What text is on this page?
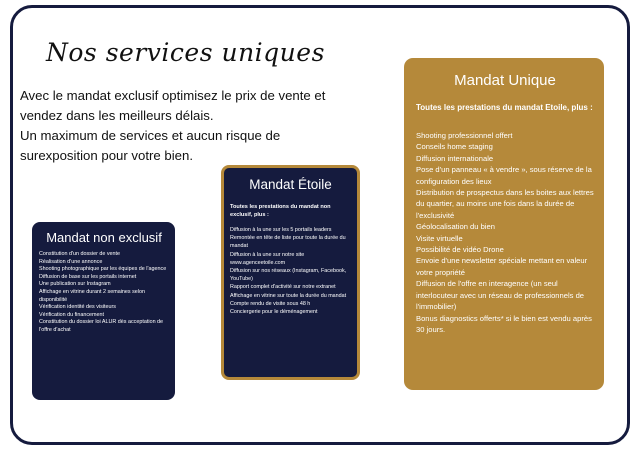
Nos services uniques

Avec le mandat exclusif optimisez le prix de vente et vendez dans les meilleurs délais.

Un maximum de services et aucun risque de surexposition pour votre bien.

Mandat non exclusif
Constitution d'un dossier de vente
Réalisation d'une annonce
Shooting photographique par les équipes de l'agence
Diffusion de base sur les portails internet
Une publication sur Instagram
Affichage en vitrine durant 2 semaines selon disponibilité
Vérification identité des visiteurs
Vérification du financement
Constitution du dossier loi ALUR dès acceptation de l'offre d'achat
Mandat Étoile
Toutes les prestations du mandat non exclusif, plus :
Diffusion à la une sur les 5 portails leaders
Remontée en tête de liste pour toute la durée du mandat
Diffusion à la une sur notre site www.agenceetoile.com
Diffusion sur nos réseaux (Instagram, Facebook, YouTube)
Rapport complet d'activité sur notre extranet
Affichage en vitrine sur toute la durée du mandat
Compte rendu de visite sous 48 h
Conciergerie pour le déménagement
Mandat Unique
Toutes les prestations du mandat Etoile, plus :
Shooting professionnel offert
Conseils home staging
Diffusion internationale
Pose d'un panneau « à vendre », sous réserve de la configuration des lieux
Distribution de prospectus dans les boites aux lettres du quartier, au moins une fois dans la durée de l'exclusivité
Géolocalisation du bien
Visite virtuelle
Possibilité de vidéo Drone
Envoie d'une newsletter spéciale mettant en valeur votre propriété
Diffusion de l'offre en interagence (un seul interlocuteur avec un réseau de professionnels de l'immobilier)
Bonus diagnostics offerts* si le bien est vendu après 30 jours.
